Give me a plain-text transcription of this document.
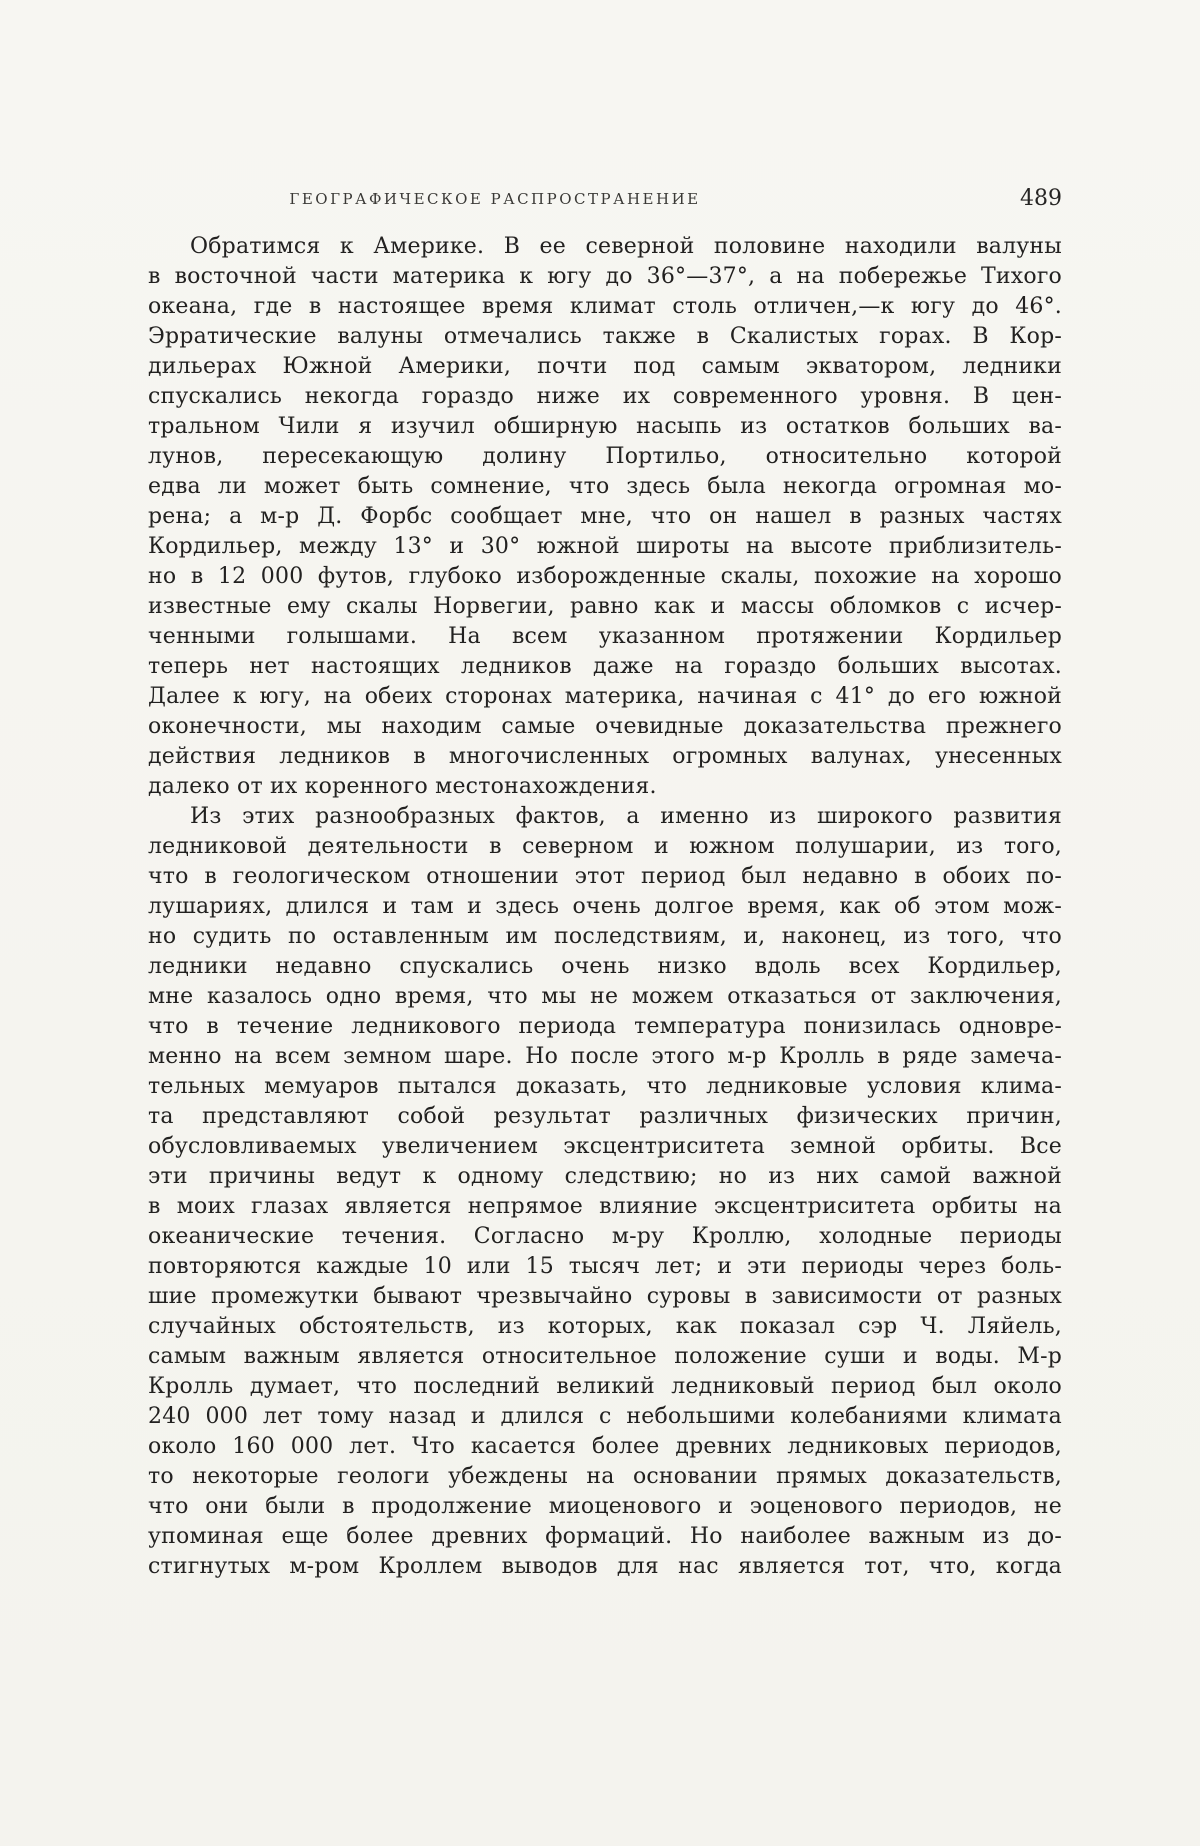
ГЕОГРАФИЧЕСКОЕ РАСПРОСТРАНЕНИЕ	489
Обратимся к Америке. В ее северной половине находили валуны
в восточной части материка к югу до 36°—37°, а на побережье Тихого
океана, где в настоящее время климат столь отличен,—к югу до 46°.
Эрратические валуны отмечались также в Скалистых горах. В Кор-
дильерах Южной Америки, почти под самым экватором, ледники
спускались некогда гораздо ниже их современного уровня. В цен-
тральном Чили я изучил обширную насыпь из остатков больших ва-
лунов, пересекающую долину Портильо, относительно которой
едва ли может быть сомнение, что здесь была некогда огромная мо-
рена; а м-р Д. Форбс сообщает мне, что он нашел в разных частях
Кордильер, между 13° и 30° южной широты на высоте приблизитель-
но в 12 000 футов, глубоко изборожденные скалы, похожие на хорошо
известные ему скалы Норвегии, равно как и массы обломков с исчер-
ченными голышами. На всем указанном протяжении Кордильер
теперь нет настоящих ледников даже на гораздо больших высотах.
Далее к югу, на обеих сторонах материка, начиная с 41° до его южной
оконечности, мы находим самые очевидные доказательства прежнего
действия ледников в многочисленных огромных валунах, унесенных
далеко от их коренного местонахождения.
Из этих разнообразных фактов, а именно из широкого развития
ледниковой деятельности в северном и южном полушарии, из того,
что в геологическом отношении этот период был недавно в обоих по-
лушариях, длился и там и здесь очень долгое время, как об этом мож-
но судить по оставленным им последствиям, и, наконец, из того, что
ледники недавно спускались очень низко вдоль всех Кордильер,
мне казалось одно время, что мы не можем отказаться от заключения,
что в течение ледникового периода температура понизилась одновре-
менно на всем земном шаре. Но после этого м-р Кролль в ряде замеча-
тельных мемуаров пытался доказать, что ледниковые условия клима-
та представляют собой результат различных физических причин,
обусловливаемых увеличением эксцентриситета земной орбиты. Все
эти причины ведут к одному следствию; но из них самой важной
в моих глазах является непрямое влияние эксцентриситета орбиты на
океанические течения. Согласно м-ру Кроллю, холодные периоды
повторяются каждые 10 или 15 тысяч лет; и эти периоды через боль-
шие промежутки бывают чрезвычайно суровы в зависимости от разных
случайных обстоятельств, из которых, как показал сэр Ч. Ляйель,
самым важным является относительное положение суши и воды. М-р
Кролль думает, что последний великий ледниковый период был около
240 000 лет тому назад и длился с небольшими колебаниями климата
около 160 000 лет. Что касается более древних ледниковых периодов,
то некоторые геологи убеждены на основании прямых доказательств,
что они были в продолжение миоценового и эоценового периодов, не
упоминая еще более древних формаций. Но наиболее важным из до-
стигнутых м-ром Кроллем выводов для нас является тот, что, когда
